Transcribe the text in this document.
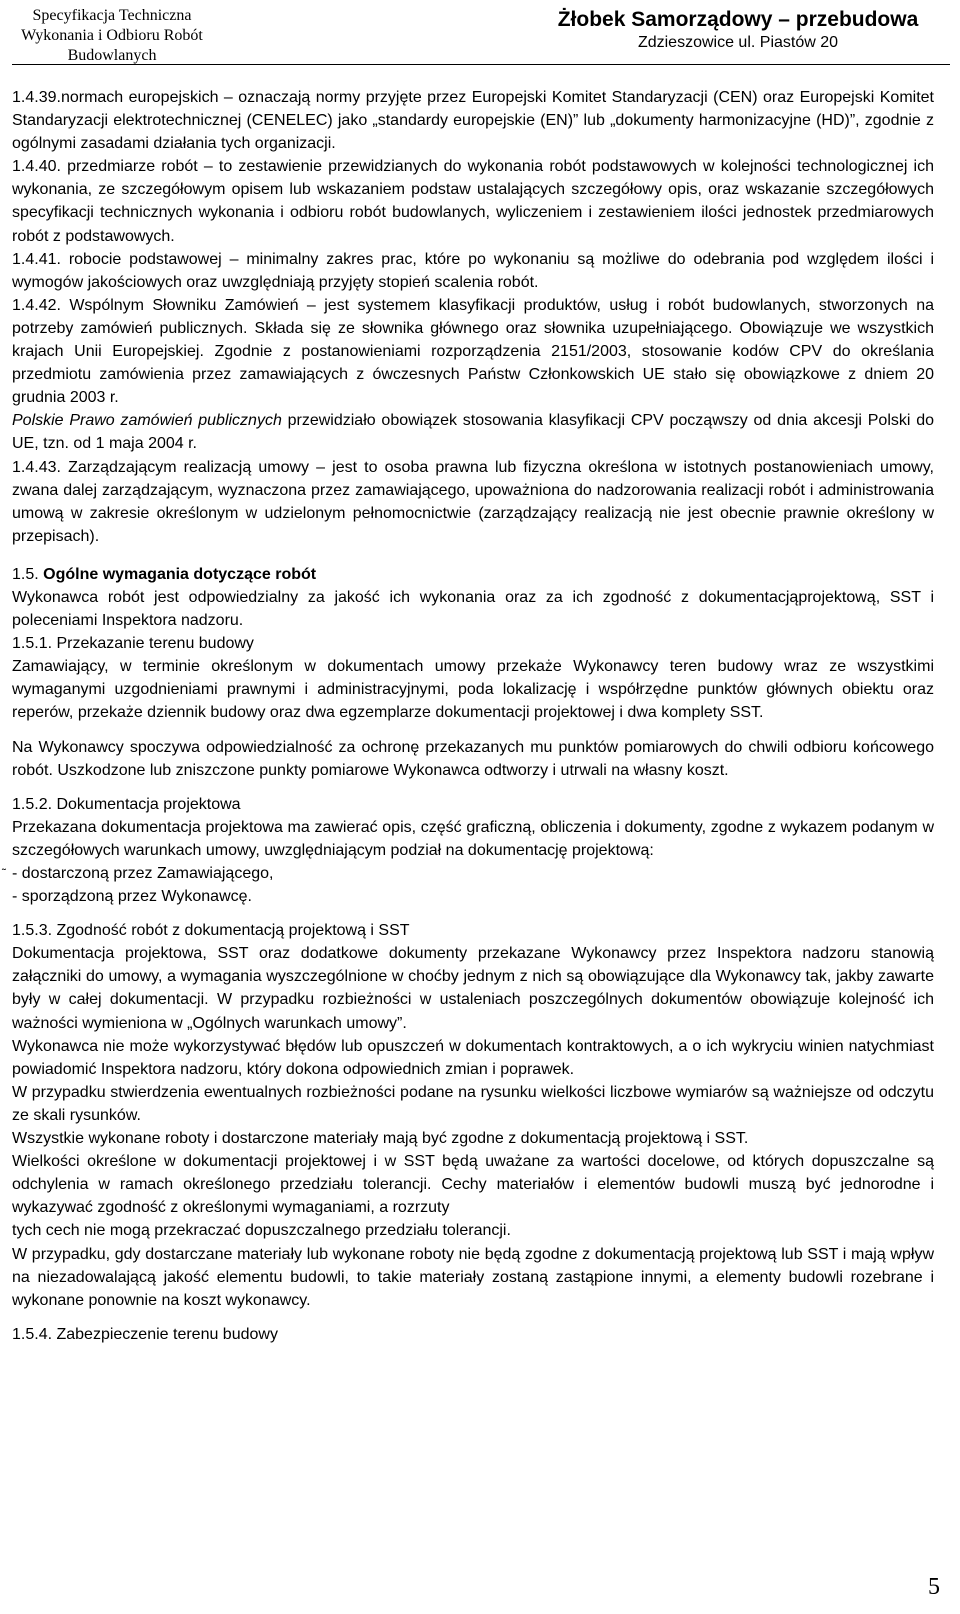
Specyfikacja Techniczna
Wykonania i Odbioru Robót
Budowlanych
Żłobek Samorządowy – przebudowa
Zdzieszowice ul. Piastów 20

1.4.39.normach europejskich – oznaczają normy przyjęte przez Europejski Komitet Standaryzacji (CEN) oraz Europejski Komitet Standaryzacji elektrotechnicznej (CENELEC) jako „standardy europejskie (EN)” lub „dokumenty harmonizacyjne (HD)”, zgodnie z ogólnymi zasadami działania tych organizacji.

1.4.40. przedmiarze robót – to zestawienie przewidzianych do wykonania robót podstawowych w kolejności technologicznej ich wykonania, ze szczegółowym opisem lub wskazaniem podstaw ustalających szczegółowy opis, oraz wskazanie szczegółowych specyfikacji technicznych wykonania i odbioru robót budowlanych, wyliczeniem i zestawieniem ilości jednostek przedmiarowych robót z podstawowych.

1.4.41. robocie podstawowej – minimalny zakres prac, które po wykonaniu są możliwe do odebrania pod względem ilości i wymogów jakościowych oraz uwzględniają przyjęty stopień scalenia robót.

1.4.42. Wspólnym Słowniku Zamówień – jest systemem klasyfikacji produktów, usług i robót budowlanych, stworzonych na potrzeby zamówień publicznych. Składa się ze słownika głównego oraz słownika uzupełniającego. Obowiązuje we wszystkich krajach Unii Europejskiej. Zgodnie z postanowieniami rozporządzenia 2151/2003, stosowanie kodów CPV do określania przedmiotu zamówienia przez zamawiających z ówczesnych Państw Członkowskich UE stało się obowiązkowe z dniem 20 grudnia 2003 r.

Polskie Prawo zamówień publicznych przewidziało obowiązek stosowania klasyfikacji CPV począwszy od dnia akcesji Polski do UE, tzn. od 1 maja 2004 r.

1.4.43. Zarządzającym realizacją umowy – jest to osoba prawna lub fizyczna określona w istotnych postanowieniach umowy, zwana dalej zarządzającym, wyznaczona przez zamawiającego, upoważniona do nadzorowania realizacji robót i administrowania umową w zakresie określonym w udzielonym pełnomocnictwie (zarządzający realizacją nie jest obecnie prawnie określony w przepisach).

1.5. Ogólne wymagania dotyczące robót

Wykonawca robót jest odpowiedzialny za jakość ich wykonania oraz za ich zgodność z dokumentacjąprojektową, SST i poleceniami Inspektora nadzoru.

1.5.1. Przekazanie terenu budowy

Zamawiający, w terminie określonym w dokumentach umowy przekaże Wykonawcy teren budowy wraz ze wszystkimi wymaganymi uzgodnieniami prawnymi i administracyjnymi, poda lokalizację i współrzędne punktów głównych obiektu oraz reperów, przekaże dziennik budowy oraz dwa egzemplarze dokumentacji projektowej i dwa komplety SST.

Na Wykonawcy spoczywa odpowiedzialność za ochronę przekazanych mu punktów pomiarowych do chwili odbioru końcowego robót. Uszkodzone lub zniszczone punkty pomiarowe Wykonawca odtworzy i utrwali na własny koszt.

1.5.2. Dokumentacja projektowa

Przekazana dokumentacja projektowa ma zawierać opis, część graficzną, obliczenia i dokumenty, zgodne z wykazem podanym w szczegółowych warunkach umowy, uwzględniającym podział na dokumentację projektową:

˜ - dostarczoną przez Zamawiającego,

- sporządzoną przez Wykonawcę.

1.5.3. Zgodność robót z dokumentacją projektową i SST

Dokumentacja projektowa, SST oraz dodatkowe dokumenty przekazane Wykonawcy przez Inspektora nadzoru stanowią załączniki do umowy, a wymagania wyszczególnione w choćby jednym z nich są obowiązujące dla Wykonawcy tak, jakby zawarte były w całej dokumentacji. W przypadku rozbieżności w ustaleniach poszczególnych dokumentów obowiązuje kolejność ich ważności wymieniona w „Ogólnych warunkach umowy”.

Wykonawca nie może wykorzystywać błędów lub opuszczeń w dokumentach kontraktowych, a o ich wykryciu winien natychmiast powiadomić Inspektora nadzoru, który dokona odpowiednich zmian i poprawek.

W przypadku stwierdzenia ewentualnych rozbieżności podane na rysunku wielkości liczbowe wymiarów są ważniejsze od odczytu ze skali rysunków.

Wszystkie wykonane roboty i dostarczone materiały mają być zgodne z dokumentacją projektową i SST.

Wielkości określone w dokumentacji projektowej i w SST będą uważane za wartości docelowe, od których dopuszczalne są odchylenia w ramach określonego przedziału tolerancji. Cechy materiałów i elementów budowli muszą być jednorodne i wykazywać zgodność z określonymi wymaganiami, a rozrzuty

tych cech nie mogą przekraczać dopuszczalnego przedziału tolerancji.

W przypadku, gdy dostarczane materiały lub wykonane roboty nie będą zgodne z dokumentacją projektową lub SST i mają wpływ na niezadowalającą jakość elementu budowli, to takie materiały zostaną zastąpione innymi, a elementy budowli rozebrane i wykonane ponownie na koszt wykonawcy.

1.5.4. Zabezpieczenie terenu budowy

5
